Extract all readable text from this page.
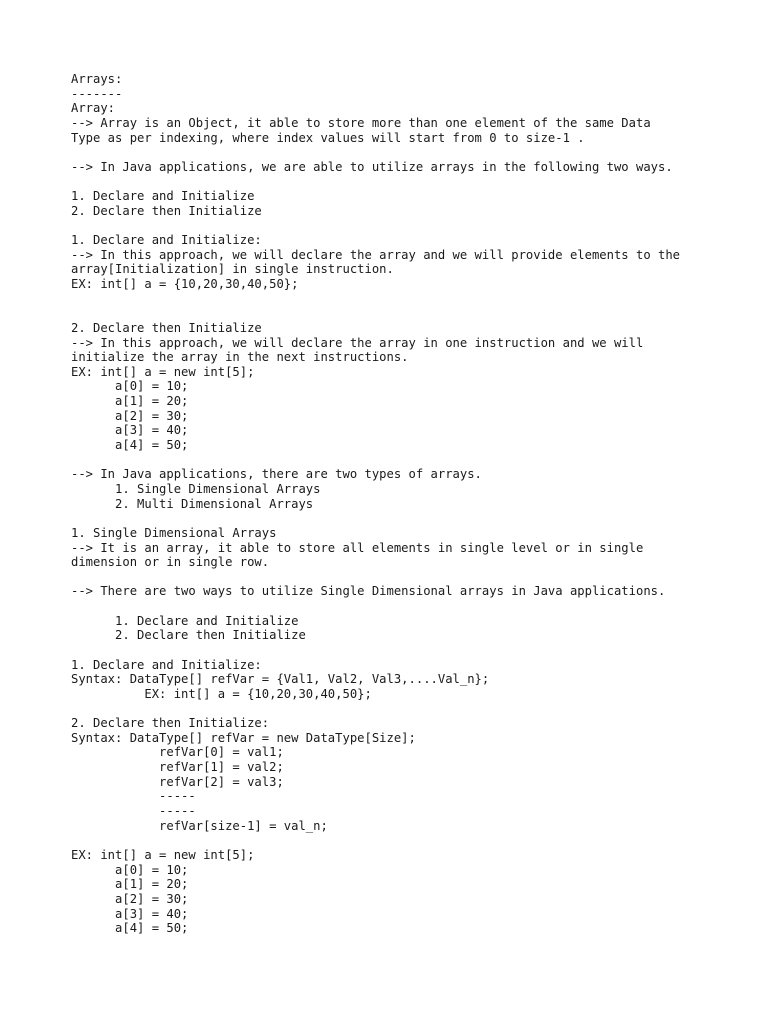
Arrays:
-------
Array:
--> Array is an Object, it able to store more than one element of the same Data
Type as per indexing, where index values will start from 0 to size-1 .
--> In Java applications, we are able to utilize arrays in the following two ways.
1. Declare and Initialize
2. Declare then Initialize
1. Declare and Initialize:
--> In this approach, we will declare the array and we will provide elements to the
array[Initialization] in single instruction.
EX: int[] a = {10,20,30,40,50};
2. Declare then Initialize
--> In this approach, we will declare the array in one instruction and we will
initialize the array in the next instructions.
EX: int[] a = new int[5];
a[0] = 10;
a[1] = 20;
a[2] = 30;
a[3] = 40;
a[4] = 50;
--> In Java applications, there are two types of arrays.
1. Single Dimensional Arrays
2. Multi Dimensional Arrays
1. Single Dimensional Arrays
--> It is an array, it able to store all elements in single level or in single
dimension or in single row.
--> There are two ways to utilize Single Dimensional arrays in Java applications.
1. Declare and Initialize
2. Declare then Initialize
1. Declare and Initialize:
Syntax: DataType[] refVar = {Val1, Val2, Val3,....Val_n};
EX: int[] a = {10,20,30,40,50};
2. Declare then Initialize:
Syntax: DataType[] refVar = new DataType[Size];
refVar[0] = val1;
refVar[1] = val2;
refVar[2] = val3;
-----
-----
refVar[size-1] = val_n;
EX: int[] a = new int[5];
a[0] = 10;
a[1] = 20;
a[2] = 30;
a[3] = 40;
a[4] = 50;
